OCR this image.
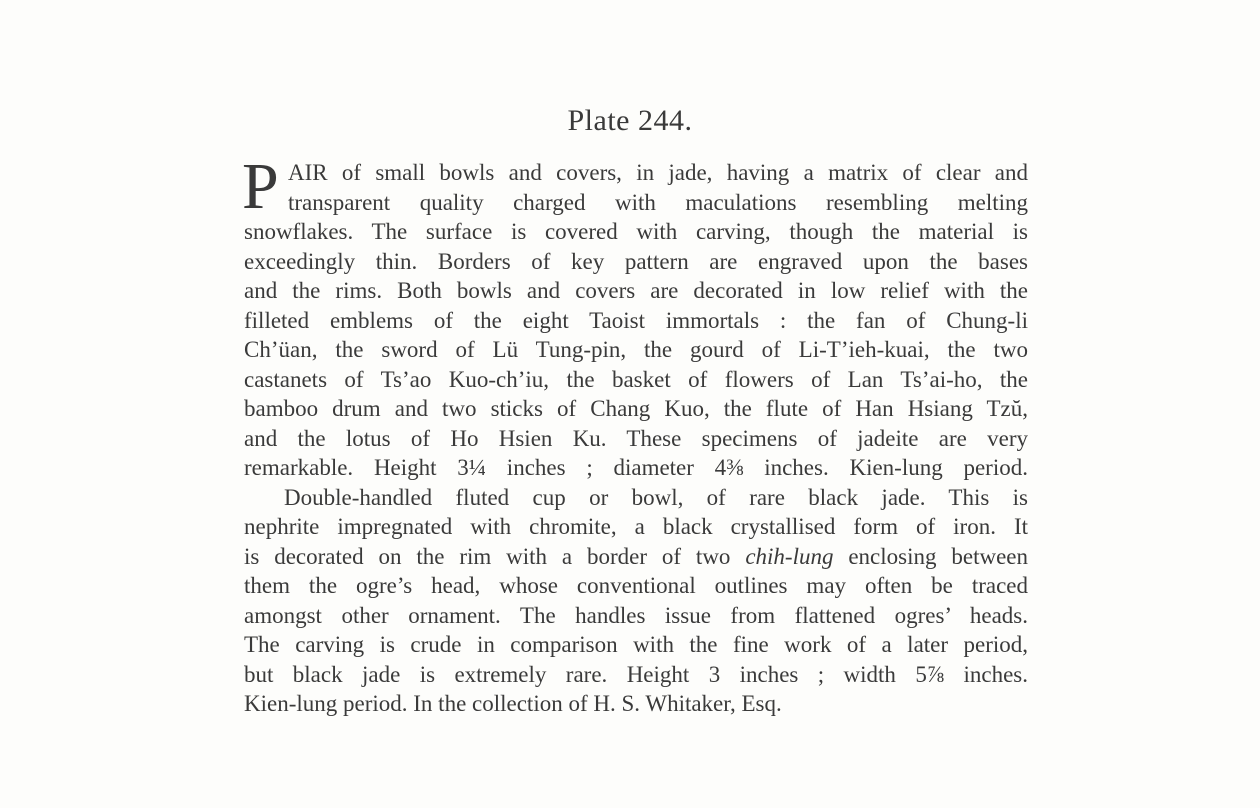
Plate 244.
P AIR of small bowls and covers, in jade, having a matrix of clear and
transparent quality charged with maculations resembling melting
snowflakes. The surface is covered with carving, though the material is
exceedingly thin. Borders of key pattern are engraved upon the bases
and the rims. Both bowls and covers are decorated in low relief with the
filleted emblems of the eight Taoist immortals : the fan of Chung-li
Ch’üan, the sword of Lü Tung-pin, the gourd of Li-T’ieh-kuai, the two
castanets of Ts’ao Kuo-ch’iu, the basket of flowers of Lan Ts’ai-ho, the
bamboo drum and two sticks of Chang Kuo, the flute of Han Hsiang Tzŭ,
and the lotus of Ho Hsien Ku. These specimens of jadeite are very
remarkable. Height 3¼ inches ; diameter 4⅜ inches. Kien-lung period.
Double-handled fluted cup or bowl, of rare black jade. This is
nephrite impregnated with chromite, a black crystallised form of iron. It
is decorated on the rim with a border of two chih-lung enclosing between
them the ogre’s head, whose conventional outlines may often be traced
amongst other ornament. The handles issue from flattened ogres’ heads.
The carving is crude in comparison with the fine work of a later period,
but black jade is extremely rare. Height 3 inches ; width 5⅞ inches.
Kien-lung period. In the collection of H. S. Whitaker, Esq.
